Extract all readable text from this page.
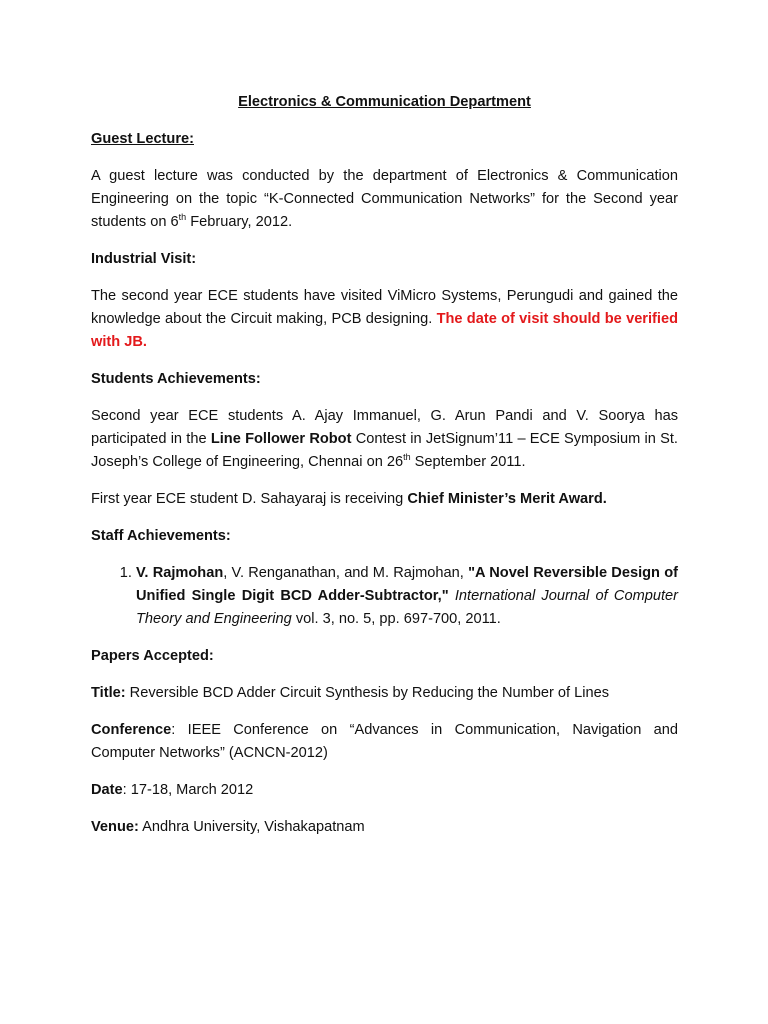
Electronics & Communication Department
Guest Lecture:
A guest lecture was conducted by the department of Electronics & Communication Engineering on the topic “K-Connected Communication Networks” for the Second year students on 6th February, 2012.
Industrial Visit:
The second year ECE students have visited ViMicro Systems, Perungudi and gained the knowledge about the Circuit making, PCB designing. The date of visit should be verified with JB.
Students Achievements:
Second year ECE students A. Ajay Immanuel, G. Arun Pandi and V. Soorya has participated in the Line Follower Robot Contest in JetSignum’11 – ECE Symposium in St. Joseph’s College of Engineering, Chennai on 26th September 2011.
First year ECE student D. Sahayaraj is receiving Chief Minister’s Merit Award.
Staff Achievements:
1. V. Rajmohan, V. Renganathan, and M. Rajmohan, "A Novel Reversible Design of Unified Single Digit BCD Adder-Subtractor," International Journal of Computer Theory and Engineering vol. 3, no. 5, pp. 697-700, 2011.
Papers Accepted:
Title: Reversible BCD Adder Circuit Synthesis by Reducing the Number of Lines
Conference: IEEE Conference on “Advances in Communication, Navigation and Computer Networks” (ACNCN-2012)
Date: 17-18, March 2012
Venue: Andhra University, Vishakapatnam
